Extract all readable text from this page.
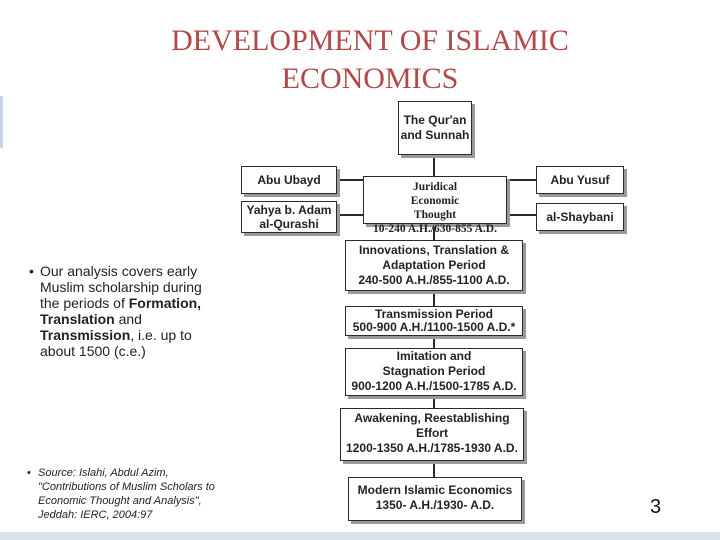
DEVELOPMENT OF ISLAMIC
ECONOMICS
• Our analysis covers early Muslim scholarship during the periods of Formation, Translation and Transmission, i.e. up to about 1500 (c.e.)
• Source: Islahi, Abdul Azim, "Contributions of Muslim Scholars to Economic Thought and Analysis", Jeddah: IERC, 2004:97
The Qur'an and Sunnah
Abu Ubayd
Yahya b. Adam al-Qurashi
Juridical Economic Thought
10-240 A.H./630-855 A.D.
Abu Yusuf
al-Shaybani
Innovations, Translation & Adaptation Period
240-500 A.H./855-1100 A.D.
Transmission Period
500-900 A.H./1100-1500 A.D.*
Imitation and Stagnation Period
900-1200 A.H./1500-1785 A.D.
Awakening, Reestablishing Effort
1200-1350 A.H./1785-1930 A.D.
Modern Islamic Economics
1350- A.H./1930- A.D.	3
